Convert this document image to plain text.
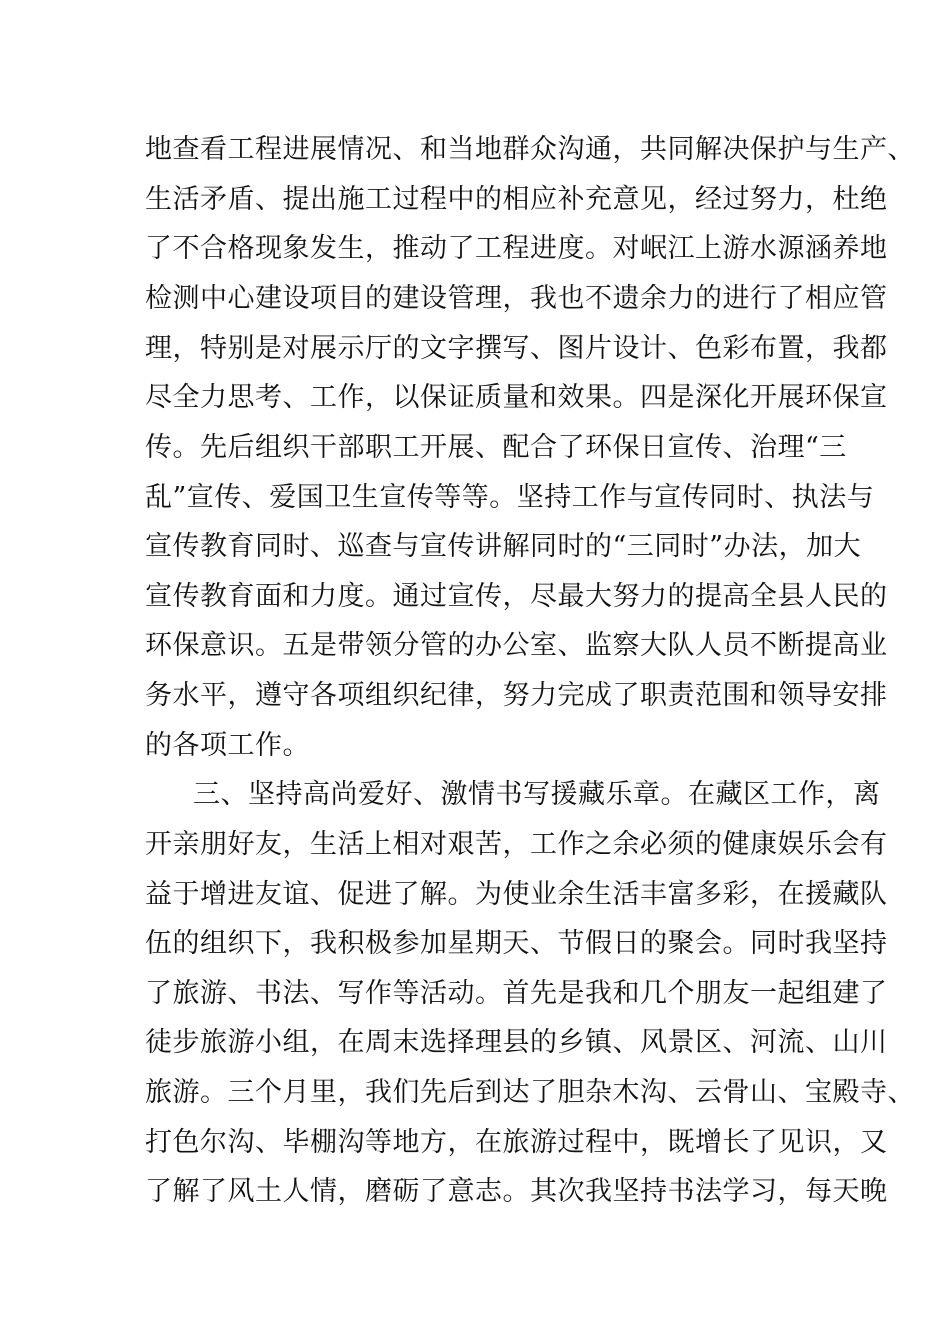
地查看工程进展情况、和当地群众沟通，共同解决保护与生产、
生活矛盾、提出施工过程中的相应补充意见，经过努力，杜绝
了不合格现象发生，推动了工程进度。对岷江上游水源涵养地
检测中心建设项目的建设管理，我也不遗余力的进行了相应管
理，特别是对展示厅的文字撰写、图片设计、色彩布置，我都
尽全力思考、工作，以保证质量和效果。四是深化开展环保宣
传。先后组织干部职工开展、配合了环保日宣传、治理“三
乱”宣传、爱国卫生宣传等等。坚持工作与宣传同时、执法与
宣传教育同时、巡查与宣传讲解同时的“三同时”办法，加大
宣传教育面和力度。通过宣传，尽最大努力的提高全县人民的
环保意识。五是带领分管的办公室、监察大队人员不断提高业
务水平，遵守各项组织纪律，努力完成了职责范围和领导安排
的各项工作。
三、坚持高尚爱好、激情书写援藏乐章。在藏区工作，离
开亲朋好友，生活上相对艰苦，工作之余必须的健康娱乐会有
益于增进友谊、促进了解。为使业余生活丰富多彩，在援藏队
伍的组织下，我积极参加星期天、节假日的聚会。同时我坚持
了旅游、书法、写作等活动。首先是我和几个朋友一起组建了
徒步旅游小组，在周末选择理县的乡镇、风景区、河流、山川
旅游。三个月里，我们先后到达了胆杂木沟、云骨山、宝殿寺、
打色尔沟、毕棚沟等地方，在旅游过程中，既增长了见识，又
了解了风土人情，磨砺了意志。其次我坚持书法学习，每天晚
